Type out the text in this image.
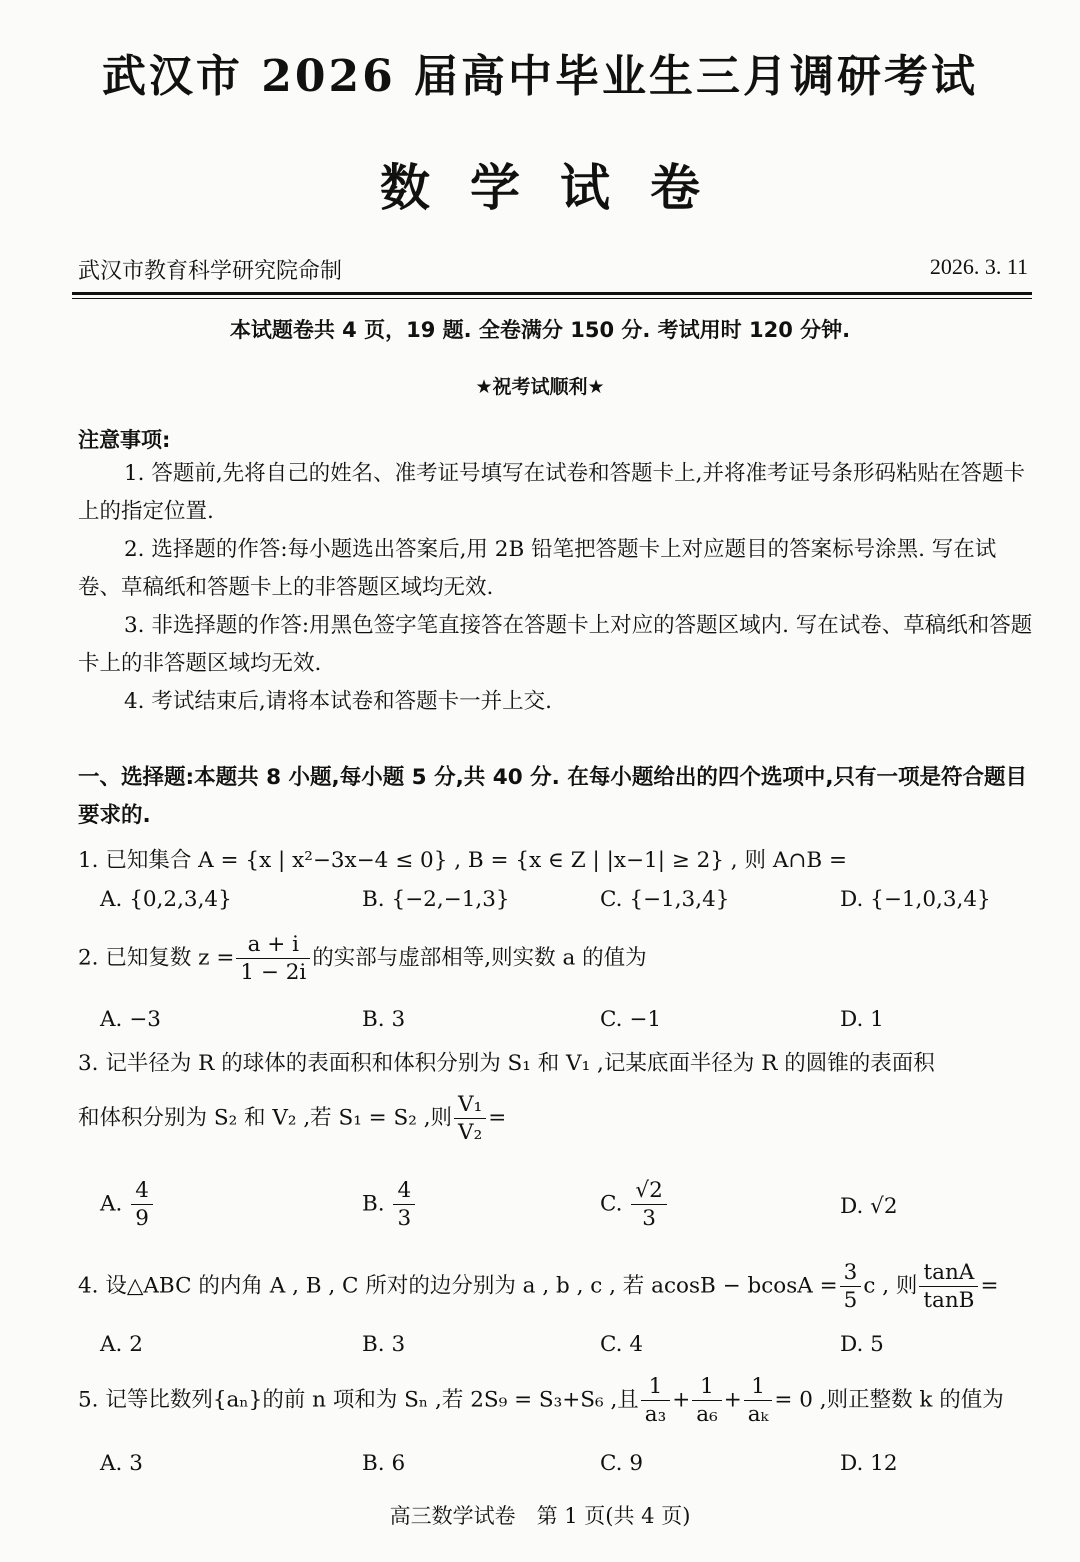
武汉市 2026 届高中毕业生三月调研考试
数学试卷
武汉市教育科学研究院命制	2026. 3. 11
本试题卷共 4 页，19 题. 全卷满分 150 分. 考试用时 120 分钟.
★祝考试顺利★
注意事项:
1. 答题前,先将自己的姓名、准考证号填写在试卷和答题卡上,并将准考证号条形码粘贴在答题卡上的指定位置.
2. 选择题的作答:每小题选出答案后,用 2B 铅笔把答题卡上对应题目的答案标号涂黑. 写在试卷、草稿纸和答题卡上的非答题区域均无效.
3. 非选择题的作答:用黑色签字笔直接答在答题卡上对应的答题区域内. 写在试卷、草稿纸和答题卡上的非答题区域均无效.
4. 考试结束后,请将本试卷和答题卡一并上交.
一、选择题:本题共 8 小题,每小题 5 分,共 40 分. 在每小题给出的四个选项中,只有一项是符合题目要求的.
1. 已知集合 A = {x | x²−3x−4 ≤ 0} , B = {x ∈ Z | |x−1| ≥ 2} , 则 A∩B =
A. {0,2,3,4}	B. {−2,−1,3}	C. {−1,3,4}	D. {−1,0,3,4}
2. 已知复数 $z = \frac{a + i}{1 - 2i}$ 的实部与虚部相等,则实数 a 的值为
A. −3	B. 3	C. −1	D. 1
3. 记半径为 R 的球体的表面积和体积分别为 S₁ 和 V₁ ,记某底面半径为 R 的圆锥的表面积
和体积分别为 S₂ 和 V₂ ,若 S₁ = S₂ ,则 $\frac{\text{V₁}}{\text{V₂}}$ =
A. $\frac{4}{9}$	B. $\frac{4}{3}$	C. $\frac{√2}{3}$	D. √2
4. 设△ABC 的内角 A , B , C 所对的边分别为 a , b , c , 若 $acosB - bcosA = \frac{3}{5}$ c , 则 $\frac{\tan A}{\tan B}$ =
A. 2	B. 3	C. 4	D. 5
5. 记等比数列{aₙ}的前 n 项和为 Sₙ ,若 2S₉ = S₃+S₆ ,且 $\frac{1}{\text{a₃}} + \frac{1}{\text{a₆}} + \frac{1}{\text{aₖ}} = 0$ ,则正整数 k 的值为
A. 3	B. 6	C. 9	D. 12
高三数学试卷　第 1 页(共 4 页)
